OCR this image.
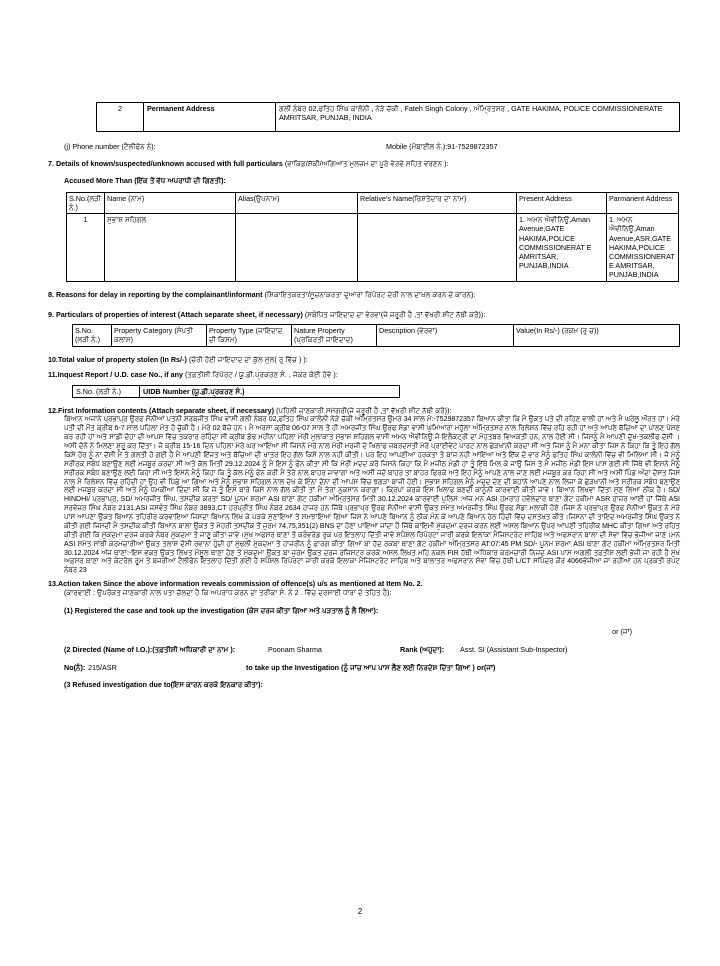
2	Permanent Address	ਗਲੀ ਨੰਬਰ 02,ਫਤਿਹ ਸਿੰਘ ਕਾਲੋਨੀ , ਨੇੜੇ ਚੱਕੀ , Fateh Singh Colony , ਅੰਮ੍ਰਿਤਸਰ , GATE HAKIMA, POLICE COMMISSIONERATE AMRITSAR, PUNJAB, INDIA
(j) Phone number (ਟੈਲੀਫੋਨ ਨੰ):	Mobile (ਮੋਬਾਈਲ ਨੰ.):91-7529872357
7. Details of known/suspected/unknown accused with full particulars (ਵਾਕਿਫ਼/ਸ਼ੱਕੀ/ਅਗਿਆਤ ਮੁਲਜ਼ਮ ਦਾ ਪੂਰੇ ਵੇਰਵੇ ਸਹਿਤ ਵਰਣਨ ):
Accused More Than (ਇੱਕ ਤੋਂ ਵੱਧ ਅਪਰਾਧੀ ਦੀ ਗਿਣਤੀ):
S.No.(ਲੜੀ ਨੰ.)	Name (ਨਾਮ)	Alias(ਉਪਨਾਮ)	Relative's Name(ਰਿਸ਼ਤੇਦਾਰ ਦਾ ਨਾਮ)	Present Address	Parmanent Address
1	ਸੁਭਾਸ਼ ਸਹਿਗਲ			1. ਅਮਨ ਐਵੀਨਿਊ,Aman Avenue,GATE HAKIMA,POLICE COMMISSIONERAT E AMRITSAR, PUNJAB,INDIA	1. ਅਮਨ ਐਵੀਨਿਊ,Aman Avenue,ASR,GATE HAKIMA,POLICE COMMISSIONERAT E AMRITSAR, PUNJAB,INDIA
8. Reasons for delay in reporting by the complainant/informant (ਸ਼ਿਕਾਇਤਕਰਤਾ/ਸੂਚਨਾਕਰਤਾ ਦੁਆਰਾ ਰਿਪੋਰਟ ਦੇਰੀ ਨਾਲ ਦਾਖ਼ਲ ਕਰਨ ਦੇ ਕਾਰਨ):
9. Particulars of properties of interest (Attach separate sheet, if necessary) (ਸਬੰਧਿਤ ਜਾਇਦਾਦ ਦਾ ਵੇਰਵਾ(ਜੇ ਜ਼ਰੂਰੀ ਹੈ ,ਤਾਂ ਵੱਖਰੀ ਸ਼ੀਟ ਨੱਥੀ ਕਰੋ)):
S.No. (ਲੜੀ ਨੰ.)	Property Category (ਸੰਪਤੀ ਕਲਾਸ)	Property Type (ਜਾਇਦਾਦ ਦੀ ਕਿਸਮ)	Nature Property (ਪ੍ਰਕਿਰਤੀ ਜਾਇਦਾਦ)	Description (ਵੇਰਵਾ)	Value(In Rs/-) (ਰਕਮ (ਰੁ ਚ))
10.Total value of property stolen (In Rs/-) (ਚੋਰੀ ਹੋਈ ਜਾਇਦਾਦ ਦਾ ਕੁੱਲ ਮੁੱਲ( ਰੁ ਵਿੱਚ ) ):
11.Inquest Report / U.D. case No., if any (ਤਫ਼ਤੀਸ਼ੀ ਰਿਪੋਰਟ / ਯੂ.ਡੀ.ਪ੍ਰਕਰਣ ਸੰ. , ਜੇਕਰ ਕੋਈ ਹੋਵੇ ):
S.No. (ਲੜੀ ਨੰ.)	UIDB Number (ਯੂ.ਡੀ.ਪ੍ਰਕਰਣ ਸੰ.)
12.First Information contents (Attach separate sheet, if necessary) (ਪਹਿਲੀ ਜਾਣਕਾਰੀ ਸਮੱਗਰੀ(ਜੇ ਜ਼ਰੂਰੀ ਹੈ ,ਤਾਂ ਵੱਖਰੀ ਸ਼ੀਟ ਨੱਥੀ ਕਰੋ)):
ਬਿਆਨ ਅਜਾਨੇ ਪ੍ਰਭਾਪ੍ਰ ਉਰਫ ਸੋਨੀਆ ਪਤਨੀ ਸਰਬਜੀਤ ਸਿੰਘ ਵਾਸੀ ਗਲੀ ਨੰਬਰ 02,ਫਤਿਹ ਸਿੰਘ ਕਾਲੋਨੀ ਨੇੜੇ ਚੱਕੀ ਅੰਮ੍ਰਿਤਸਰ ਉਮਰ 34 ਸਾਲ ਮੋ:-7529872357 ਬਿਆਨ ਕੀਤਾ ਕਿ ਮੈ ਉਕਤ ਪਤੇ ਦੀ ਰਹਿਣ ਵਾਲੀ ਹਾਂ ਅਤੇ ਮੈ ਘਰੇਲੂ ਔਰਤ ਹਾਂ। ਮੇਰੇ ਪਤੀ ਦੀ ਮੌਤ ਕ੍ਰੀਬ 6-7 ਸਾਲ ਪਹਿਲਾ ਮੋਤ ਹੋ ਚੁੱਕੀ ਹੈ। ਮੇਰੇ 02 ਬੱਚੇ ਹਨ। ਮੈ ਅਰਸਾ ਕ੍ਰੀਬ 06-07 ਸਾਲ ਤੋਂ ਹੀ ਅਮਰਜੀਤ ਸਿੰਘ ਉਰਫ ਸੋਡਾ ਵਾਸੀ ਘੁਮਿਆਰਾ ਮਹੁੱਲਾ ਅੰਮ੍ਰਿਤਸਰ ਨਾਲ ਰਿਲੇਸ਼ਨ ਵਿੱਚ ਰਹਿ ਰਹੀ ਹਾਂ ਅਤੇ ਆਪਣੇ ਬੱਚਿਆ ਦਾ ਪਾਲਣ ਪੋਸ਼ਣ ਕਰ ਰਹੀ ਹਾਂ ਅਤੇ ਸਾਡੀ ਦੋਹਾ ਦੀ ਆਪਸ ਵਿੱਚ ਤਕਰਾਰ ਰਹਿੰਦਾ ਸੀ ਕ੍ਰੀਬ ਡੇਢ ਮਹੀਨਾ ਪਹਿਲਾ ਮੇਰੀ ਮੁਲਾਕਾਤ ਸੁਭਾਸ਼ ਸਹਿਗਲ ਵਾਸੀ ਅਮਨ ਐਵੀਨਿਊ ਜੋ ਇਲੈਕਟ੍ਰੀ ਦਾ ਮੋਹਤਬਰ ਵਿਅਕਤੀ ਹਨ, ਨਾਲ ਹੋਈ ਸੀ। ਜਿਸਨੂੰ ਮੈ ਆਪਣੀ ਦੁੱਖ-ਤਕਲੀਫ ਦੱਸੀ । ਅਸੀ ਦੋਨੋ ਨੇ ਮਿਲਣਾ ਸ਼ੁਰੂ ਕਰ ਦਿੱਤਾ। ਜੋ ਕ੍ਰੀਬ 15-16 ਦਿਨ ਪਹਿਲਾ ਮੇਰੇ ਘਰ ਆਇਆ ਸੀ ਜਿਸਨੇ ਮੇਰੇ ਨਾਲ ਮੇਰੀ ਮਰਜੀ ਦੇ ਖਿਲਾਫ ਜਬਰਦਸਤੀ ਮੇਰੇ ਪ੍ਰਾਈਵੇਟ ਪਾਰਟ ਨਾਲ ਛੇੜਖਾਨੀ ਕਰਦਾ ਸੀ ਅਤੇ ਜਿਸ ਨੂੰ ਮੈ ਮਨਾ ਕੀਤਾ ਜਿਸ ਨੇ ਕਿਹਾ ਕਿ ਤੂੰ ਇਹ ਗੱਲ ਕਿਸੇ ਹੋਰ ਨੂੰ ਨਾ ਦੱਸੀ ਮੈਂ ਤੇ ਗਲਤੀ ਹੋ ਗਈ ਹੈ ਮੈ ਆਪਣੀ ਇੱਜਤ ਅਤੇ ਬੱਚਿਆ ਦੀ ਖਾਤਰ ਇਹ ਗੱਲ ਕਿਸੇ ਨਾਲ ਨਹੀ ਕੀਤੀ। ਪਰ ਇਹ ਆਪਣੀਆ ਹਰਕਤਾ ਤੋ ਬਾਜ ਨਹੀ ਆਇਆ ਅਤੇ ਇੱਕ ਦੋ ਵਾਰ ਮੈਨੂੰ ਫਤਿਹ ਸਿੰਘ ਕਾਲੋਨੀ ਵਿੱਚ ਵੀ ਮਿਲਿਆ ਸੀ। ਜੋ ਮੇਨੂੰ ਸਰੀਰਕ ਸਬੰਧ ਬਣਾਉਣ ਲਈ ਮਜਬੂਰ ਕਰਦਾ ਸੀ ਅਤੇ ਕੱਲ ਮਿਤੀ 29.12.2024 ਨੂੰ ਮੈ ਇਸ ਨੂੰ ਫੋਨ ਕੀਤਾ ਸੀ ਕਿ ਮੇਰੀ ਮਦਦ ਕਰੋ ਜਿਸਨੇ ਕਿਹਾ ਕਿ ਮੈ ਮਜੀਠ ਮੰਡੀ ਹਾਂ ਤੂੰ ਇੱਥੇ ਮਿਲ ਕੇ ਜਾਉ ਜਿਸ ਤੇ ਮੈ ਮਜੀਠ ਮੰਡੀ ਇਸ ਪਾਸ ਗਈ ਸੀ ਜਿੱਥੇ ਵੀ ਇਸਨੇ ਮੈਨੂੰ ਸਰੀਰਕ ਸਬੰਧ ਬਣਾਉਣ ਲਈ ਕਿਹਾ ਸੀ ਅਤੇ ਇਸਨੇ ਮੈਨੂੰ ਕਿਹਾ ਕਿ ਤੂੰ ਕੱਲ ਮੇਨੂੰ ਫੋਨ ਕਰੀ ਮੈ ਤੇਰੇ ਨਾਲ ਬਾਹਰ ਜਾਵਾਗਾ ਅਤੇ ਅਸੀ ਜਦੋ ਬਾਹਰ ਤਾਂ ਬਾਹਰ ਫਿਰਕੇ ਅਤੇ ਇਹ ਮੈਨੂੰ ਆਪਣੇ ਨਾਲ ਜਾਣ ਲਈ ਮਜਬੂਰ ਕਰ ਰਿਹਾ ਸੀ ਅਤੇ ਅਸੀ ਪਿੰਡ ਅੰਦਾ ਦੋਸਤ ਜਿਸ ਨਾਲ ਮੈ ਰਿਲੇਸ਼ਨ ਵਿੱਚ ਰਹਿੰਦੀ ਹਾਂ ਉਹ ਵੀ ਪਿੱਛੇ ਆ ਗਿਆ ਅਤੇ ਮੈਨੂੰ ਸੁਭਾਸ਼ ਸਹਿਗਲ ਨਾਲ ਦੇਖ ਕੇ ਇੰਨਾ ਦੋਨਾ ਦੀ ਆਪਸ ਵਿੱਚ ਝਗੜਾ ਬਾਜੀ ਹੋਈ। ਸੁਭਾਸ਼ ਸਹਿਗਲ ਮੈਨੂੰ ਮਦਦ ਦੇਣ ਦੀ ਬਹਾਨੇ ਆਪਣੇ ਨਾਲ ਲਿਜਾ ਕੇ ਛੇੜਖਾਨੀ ਅਤੇ ਸਰੀਰਕ ਸਬੰਧ ਬਣਾਉਣ ਲਈ ਮਜਬੂਰ ਕਰਦਾ ਸੀ ਅਤੇ ਮੈਨੂੰ ਧਮਕੀਆ ਦਿੰਦਾ ਸੀ ਕਿ ਜੇ ਤੂੰ ਇਸ ਬਾਰੇ ਕਿਸੇ ਨਾਲ ਗੱਲ ਕੀਤੀ ਤਾਂ ਮੈ ਤੇਰਾ ਨੁਕਸਾਨ ਕਰਾਗਾ। ਕ੍ਰਿਪਾ ਕਰਕੇ ਇਸ ਖਿਲਾਫ ਬਣਦੀ ਕਾਨੂੰਨੀ ਕਾਰਵਾਈ ਕੀਤੀ ਜਾਵੇ। ਬਿਆਨ ਲਿਖਵਾ ਦਿੱਤਾ ਸੁਣ ਲਿਆ ਠੀਕ ਹੈ। SD/ HINDHI/ ਪ੍ਰਭਾਪ੍ਰ, SD/ ਅਮਰਜੀਤ ਸਿੰਘ, ਤਸਦੀਕ ਕਰਤਾ SD/ ਪੂਨਮ ਸ਼ਰਮਾ ASI ਥਾਣਾ ਗੇਟ ਹਕੀਮਾ ਅੰਮ੍ਰਿਤਸਰ ਮਿਤੀ 30.12.2024 ਕਾਰਵਾਈ ਪੁਲਿਸ :ਅੱਜ ਮਨ ASI ਹਮਰਾਹ ਹਵੋਲਦਾਰ ਥਾਣਾ ਗੇਟ ਹਕੀਮਾ ASR ਹਾਜਰ ਆਈ ਹਾਂ ਜਿੱਥੇ ASI ਸਰਵੇਜ਼ਰ ਸਿੰਘ ਨੰਬਰ 2131,ASI ਜਸਵੰਤ ਸਿੰਘ ਨੰਬਰ 3893,CT ਹਰਪ੍ਰੀਤ ਸਿੰਘ ਨੰਬਰ 2634 ਹਾਜਰ ਹਨ ਜਿੱਥੇ ਪ੍ਰਭਾਪ੍ਰ ਉਰਫ ਸੋਨੀਆ ਵਾਸੀ ਉਕਤ ਸਮੇਤ ਅਮਰਜੀਤ ਸਿੰਘ ਉਰਫ ਸੋਡਾ ਮਲਾਕੀ ਹੋਏ।ਜਿਸ ਨੇ ਪ੍ਰਭਾਪ੍ਰ ਉਰਫ ਸੋਨੀਆ ਉਕਤ ਨੇ ਮੇਰੇ ਪਾਸ ਆਪਣਾ ਉਕਤ ਬਿਆਨ ਤਹਿਰੀਰ ਕਰਵਾਇਆ ਜਿਸਦਾ ਬਿਆਨ ਲਿਖ ਕੇ ਪੜਕੇ ਸੁਣਾਇਆ ਤੇ ਸਮਝਾਇਆ ਗਿਆ ਜਿਸ ਨੇ ਆਪਣੇ ਬਿਆਨ ਨੂੰ ਠੀਕ ਮੰਨ ਕੇ ਆਪਣੇ ਬਿਆਨ ਹੇਠ ਹਿੰਦੀ ਵਿੱਚ ਦਸਤਖ਼ਤ ਕੀਤੇ।ਜਿਸਨਾ ਦੀ ਤਾਇਦ ਅਮਰਜੀਤ ਸਿੰਘ ਉਕਤ ਨੇ ਕੀਤੀ ਗਈ ਜਿਸਦੀ ਮੈ ਤਸਦੀਕ ਕੀਤੀ ਬਿਆਨ ਬਾਲਾ ਉਕਤ ਤੇ ਮੋਹਰੀ ਤਸਦੀਕ ਤੋਂ ਜੁਰਮ 74,75,351(2) BNS ਦਾ ਹੋਣਾ ਪਾਇਆ ਜਾਂਦਾ ਹੈ ਜਿੱਥੇ ਕਾਇਮੀ ਮੁੱਕਦਮਾ ਦਰਜ ਕਰਨ ਲਈ ਅਸਲ ਬਿਆਨ ਉਪਰ ਆਪਣੀ ਤਹਿਰੀਕ MHC ਕੀਤਾ ਗਿਆ ਅਤੇ ਰਹਿਤ ਕੀਤੀ ਗਈ ਕਿ ਮੁੱਕਦਮਾ ਦਰਜ ਕਰਕੇ ਨੰਬਰ ਮੁੱਕਦਮਾ ਤੋ ਜਾਣੂ ਕੀਤਾ ਜਾਵੇ।ਮੁੱਖ ਅਫਸਰ ਥਾਣਾ ਤੋ ਕਰੰਵਰੇਡ ਰੁਕ ਪਰ ਇਤਲਾਹ ਦਿੱਤੀ ਜਾਵੇ ਸਪੈਸ਼ਲ ਰਿਪੋਰਟਾ ਜਾਰੀ ਕਰਕੇ ਇਲਾਕਾ ਮੈਜਿਸਟਰੇਟ ਸਾਹਿਬ ਅਤੇ ਅਫਸਰਾਨ ਬਾਲਾ ਦੀ ਸੇਵਾ ਵਿੱਚ ਭੇਜੀਆ ਜਾਣ।ਮਨ ASI ਸਮੇਤ ਸਾਥੀ ਕਰਮਚਾਰੀਆ ਉਕਤ ਤਲਾਸ਼ ਦੋਸੀ ਰਵਾਨਾ ਹੁੰਦੀ ਹਾਂ ਮੁੱਢਲੀ ਮੁੱਕਦਮਾ ਤੋ ਹਾਜਰੀਨ ਨੂੰ ਫ਼ਾਰਗ ਕੀਤਾ ਗਿਆ ਬਾ ਹੱਦ ਰਕਬਾ ਥਾਣਾ ਗੇਟ ਹਕੀਮਾ ਅੰਮ੍ਰਿਤਸਰ AT:07:45 PM SD/- ਪੂਨਮ ਸ਼ਰਮਾ ASI ਥਾਣਾ ਗੇਟ ਹਕੀਮਾ ਅੰਮ੍ਰਿਤਸਰ ਮਿਤੀ 30.12.2024 ਅੱਜ ਥਾਣਾ:-ਇਸ ਵਕਤ ਉਕਤ ਲਿਖਤ ਮੋਸੂਲ ਥਾਣਾ ਹੋਣ ਤੇ ਮੁੱਕਦਮਾ ਉਕਤ ਬਾ ਜੁਰਮ ਉਕਤ ਦਰਜ ਰਜਿਸਟਰ ਕਰਕੇ ਅਸਲ ਲਿਖਤ ਮਹਿ ਨਕਲ FIR ਹੱਥੀ ਅਧਿਕਾਰ ਕਰਮਚਾਰੀ ਨਿਜ਼ਦ ASI ਪਾਸ ਅਗਲੀ ਤਫ਼ਤੀਸ਼ ਲਈ ਭੇਜੀ ਜਾ ਰਹੀ ਹੈ ਮੁੱਖ ਅਫ਼ਸਰ ਥਾਣਾ ਅਤੇ ਕੰਟਰੋਲ ਰੂਮ ਤੇ ਬਜਰੀਆ ਟੈਲੀਫੋਨ ਇਤਲਾਹ ਦਿੱਤੀ ਗਈ ਹੈ ਸਪੈਸ਼ਲ ਰਿਪੋਰਟਾ ਜਾਰੀ ਕਰਕੇ ਇਲਾਕਾ ਮੈਜਿਸਟਰੇਟ ਸਾਹਿਬ ਅਤੇ ਬਾਲਾਤਰ ਅਫਸਰਾਨ ਸੇਵਾ ਵਿੱਚ ਹੱਥੀ L/CT ਸਪਿੰਦਰ ਕੌਰ 4066ਭੇਜੀਆ ਜਾ ਰਹੀਆ ਹਨ ਪ੍ਰਕਤੀ ਰਪਟ ਨੰਬਰ 23
13.Action taken Since the above information reveals commission of offence(s) u/s as mentioned at Item No. 2.
(ਕਾਰਵਾਈ : ਉਪਰੋਕਤ ਜਾਣਕਾਰੀ ਨਾਲ ਪਤਾ ਚੱਲਦਾ ਹੈ ਕਿ ਅਪਰਾਧ ਕਰਨ ਦਾ ਤਰੀਕਾ ਸੰ. ਨੰ 2 . ਵਿੱਚ ਦਰਸਾਈ ਧਾਰਾ ਦੇ ਤਹਿਤ ਹੈ):
(1) Registered the case and took up the investigation (ਕੇਸ ਦਰਜ ਕੀਤਾ ਗਿਆ ਅਤੇ ਪੜਤਾਲ ਨੂੰ ਲੈ ਲਿਆ):
or (ਜਾਂ)
(2 Directed (Name of I.O.):(ਤਫ਼ਤੀਸ਼ੀ ਅਧਿਕਾਰੀ ਦਾ ਨਾਮ ):	Poonam Sharma	Rank (ਅਹੁਦਾ):	Asst. SI (Assistant Sub-Inspector)
No(ਨੰ): 215/ASR	to take up the Investigation (ਨੂੰ ਜਾਂਚ ਆਪ ਪਾਸ ਲੈਣ ਲਈ ਨਿਰਦੇਸ਼ ਦਿੱਤਾ ਗਿਆ ) or(ਜਾਂ)
(3 Refused investigation due to(ਇਸ ਕਾਰਨ ਕਰਕੇ ਇਨਕਾਰ ਕੀਤਾ):
2
